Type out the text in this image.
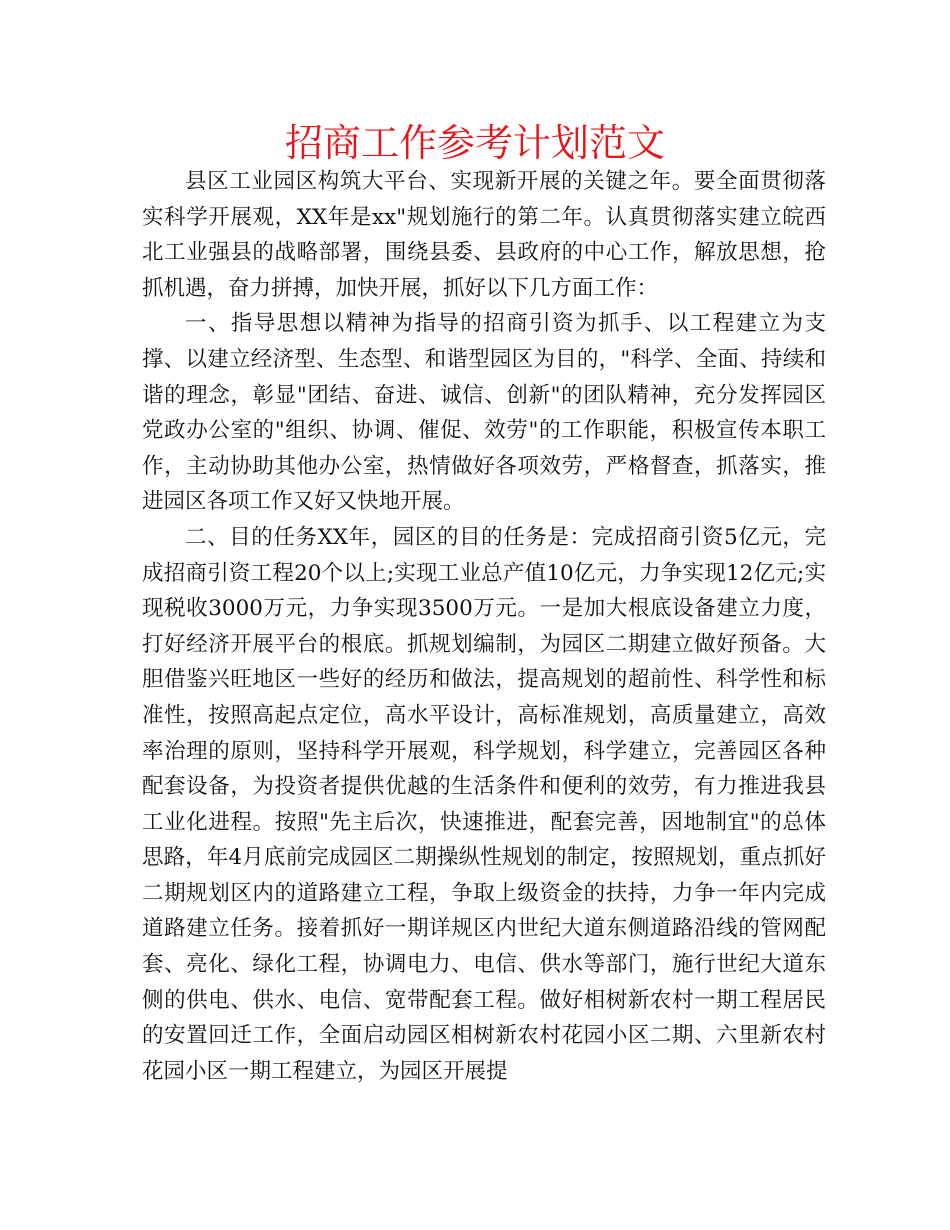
招商工作参考计划范文

县区工业园区构筑大平台、实现新开展的关键之年。要全面贯彻落实科学开展观，XX年是xx"规划施行的第二年。认真贯彻落实建立皖西北工业强县的战略部署，围绕县委、县政府的中心工作，解放思想，抢抓机遇，奋力拼搏，加快开展，抓好以下几方面工作：

一、指导思想以精神为指导的招商引资为抓手、以工程建立为支撑、以建立经济型、生态型、和谐型园区为目的，"科学、全面、持续和谐的理念，彰显"团结、奋进、诚信、创新"的团队精神，充分发挥园区党政办公室的"组织、协调、催促、效劳"的工作职能，积极宣传本职工作，主动协助其他办公室，热情做好各项效劳，严格督查，抓落实，推进园区各项工作又好又快地开展。

二、目的任务XX年，园区的目的任务是：完成招商引资5亿元，完成招商引资工程20个以上;实现工业总产值10亿元，力争实现12亿元;实现税收3000万元，力争实现3500万元。一是加大根底设备建立力度，打好经济开展平台的根底。抓规划编制，为园区二期建立做好预备。大胆借鉴兴旺地区一些好的经历和做法，提高规划的超前性、科学性和标准性，按照高起点定位，高水平设计，高标准规划，高质量建立，高效率治理的原则，坚持科学开展观，科学规划，科学建立，完善园区各种配套设备，为投资者提供优越的生活条件和便利的效劳，有力推进我县工业化进程。按照"先主后次，快速推进，配套完善，因地制宜"的总体思路，年4月底前完成园区二期操纵性规划的制定，按照规划，重点抓好二期规划区内的道路建立工程，争取上级资金的扶持，力争一年内完成道路建立任务。接着抓好一期详规区内世纪大道东侧道路沿线的管网配套、亮化、绿化工程，协调电力、电信、供水等部门，施行世纪大道东侧的供电、供水、电信、宽带配套工程。做好相树新农村一期工程居民的安置回迁工作，全面启动园区相树新农村花园小区二期、六里新农村花园小区一期工程建立，为园区开展提
